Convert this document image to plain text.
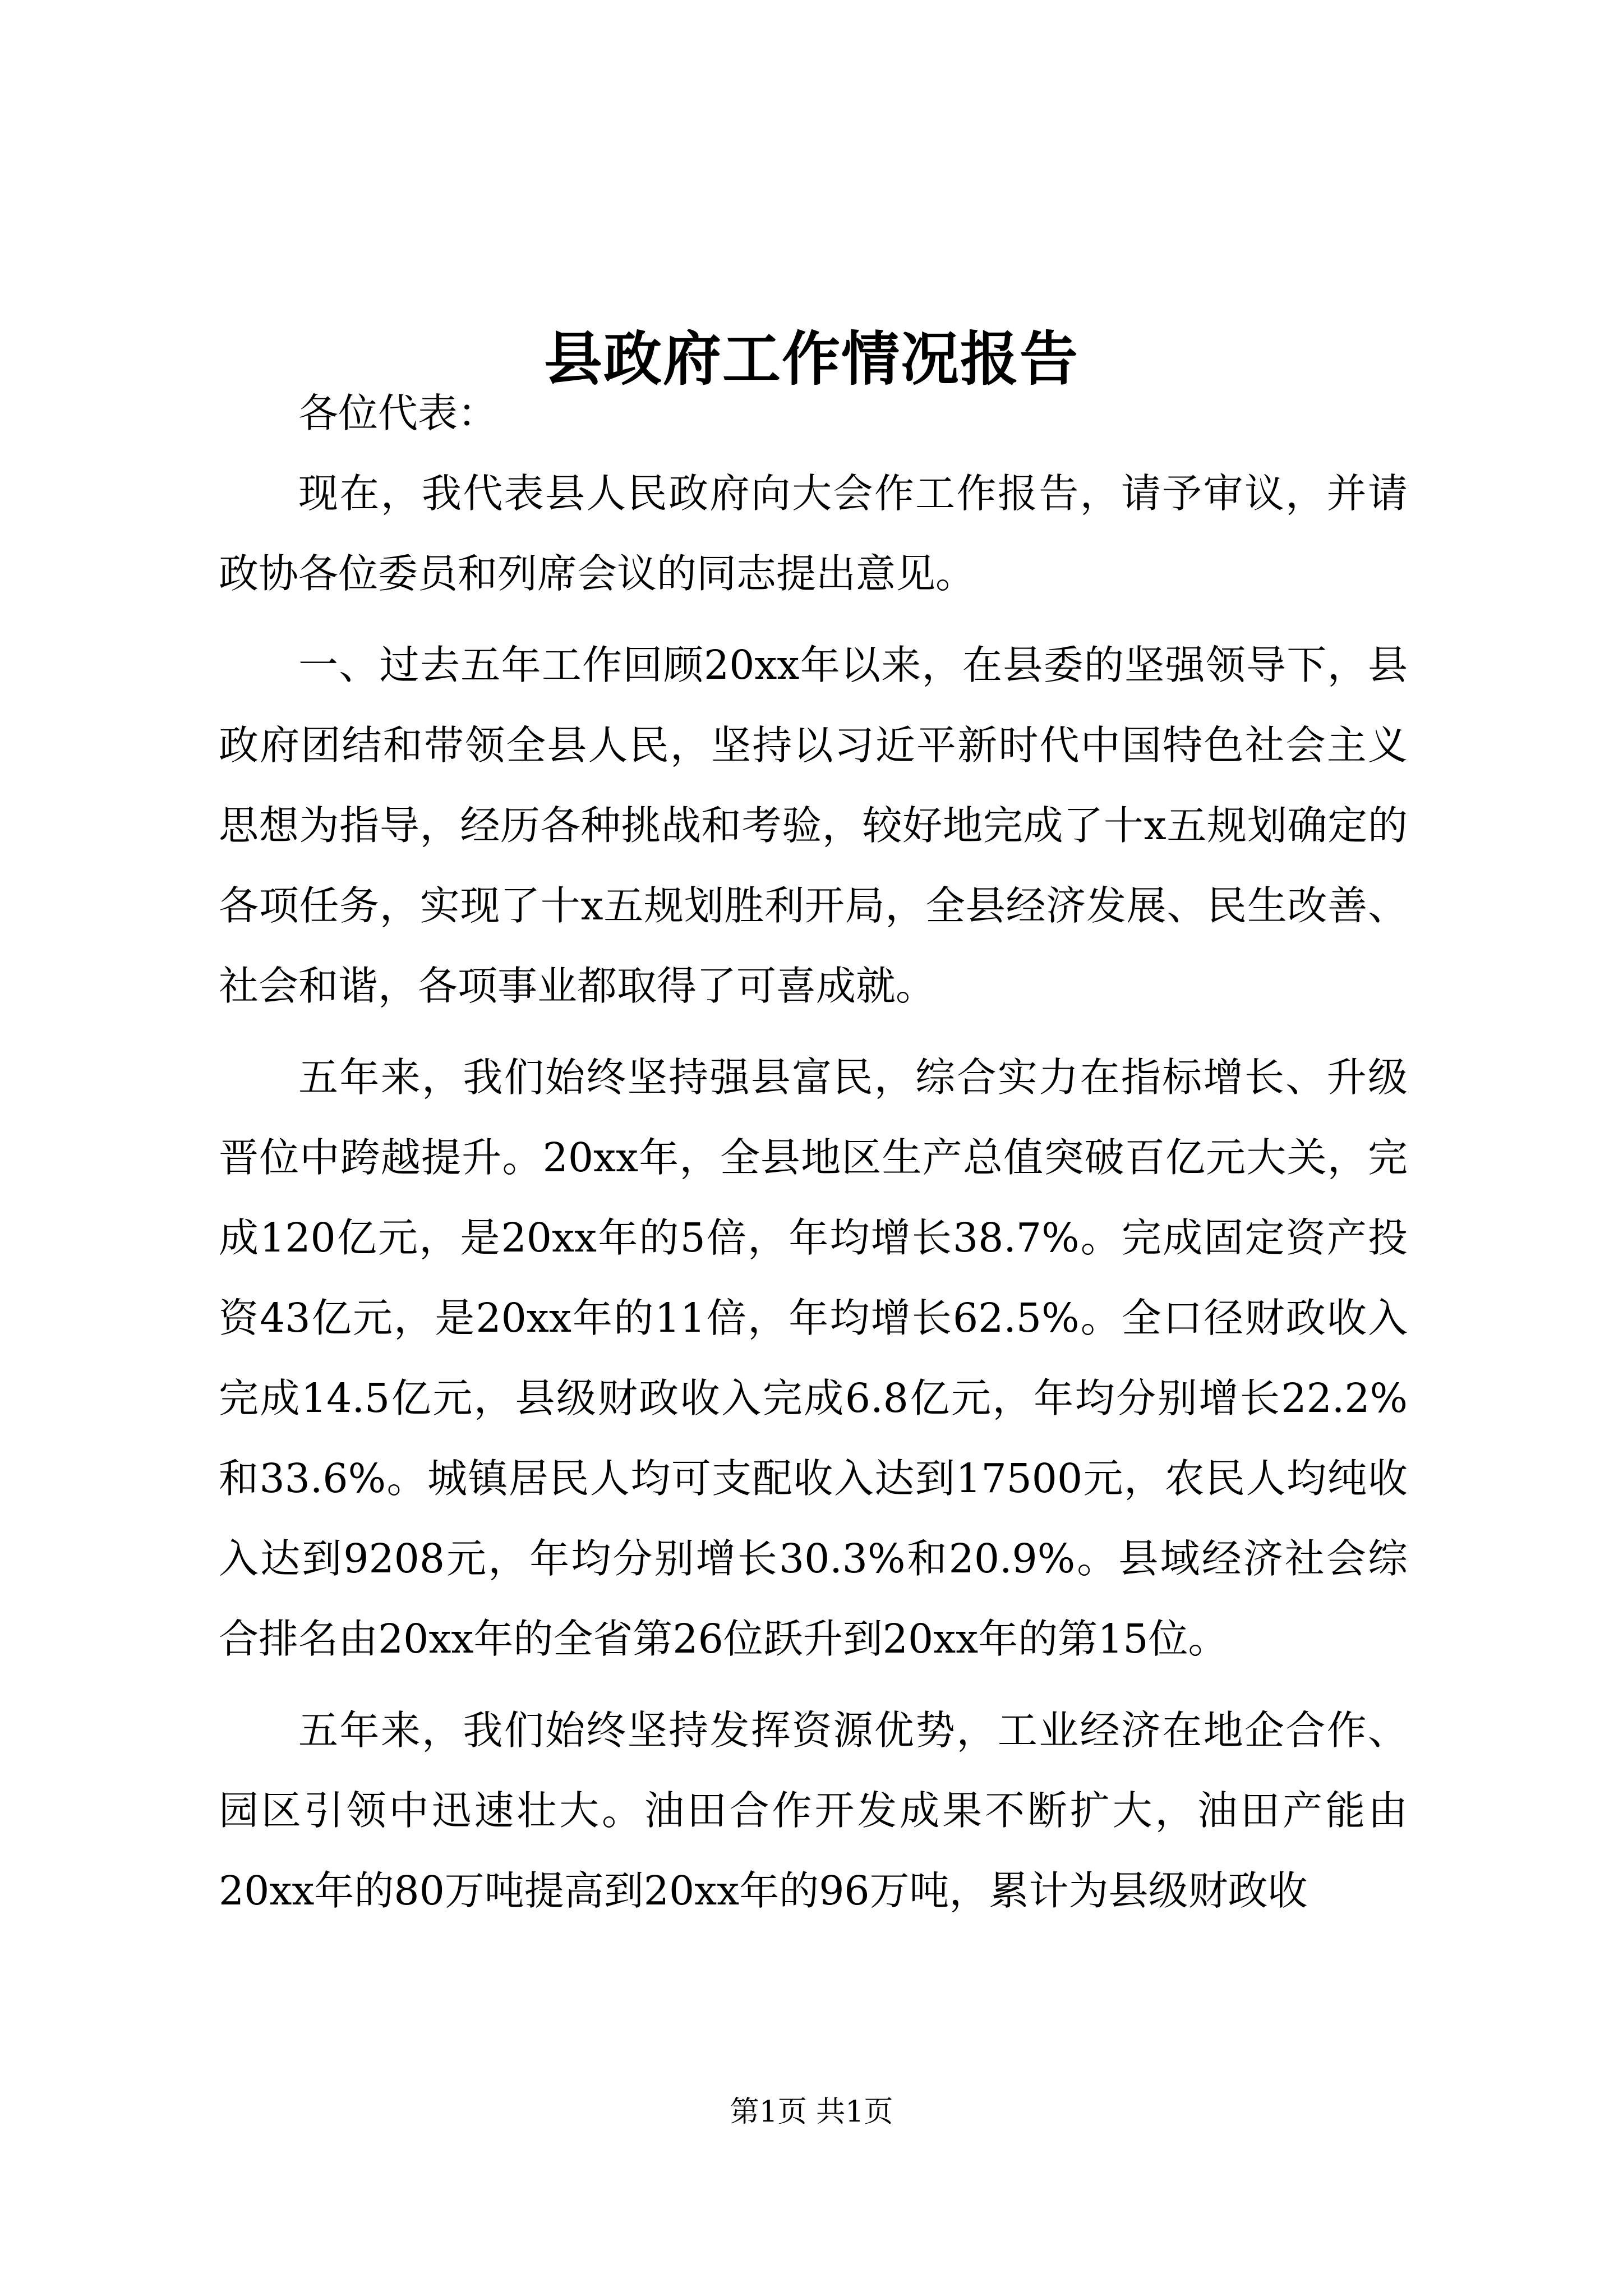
县政府工作情况报告

各位代表：

现在，我代表县人民政府向大会作工作报告，请予审议，并请政协各位委员和列席会议的同志提出意见。

一、过去五年工作回顾20xx年以来，在县委的坚强领导下，县政府团结和带领全县人民，坚持以习近平新时代中国特色社会主义思想为指导，经历各种挑战和考验，较好地完成了十x五规划确定的各项任务，实现了十x五规划胜利开局，全县经济发展、民生改善、社会和谐，各项事业都取得了可喜成就。

五年来，我们始终坚持强县富民，综合实力在指标增长、升级晋位中跨越提升。20xx年，全县地区生产总值突破百亿元大关，完成120亿元，是20xx年的5倍，年均增长38.7%。完成固定资产投资43亿元，是20xx年的11倍，年均增长62.5%。全口径财政收入完成14.5亿元，县级财政收入完成6.8亿元，年均分别增长22.2%和33.6%。城镇居民人均可支配收入达到17500元，农民人均纯收入达到9208元，年均分别增长30.3%和20.9%。县域经济社会综合排名由20xx年的全省第26位跃升到20xx年的第15位。

五年来，我们始终坚持发挥资源优势，工业经济在地企合作、园区引领中迅速壮大。油田合作开发成果不断扩大，油田产能由20xx年的80万吨提高到20xx年的96万吨，累计为县级财政收

第1页 共1页
